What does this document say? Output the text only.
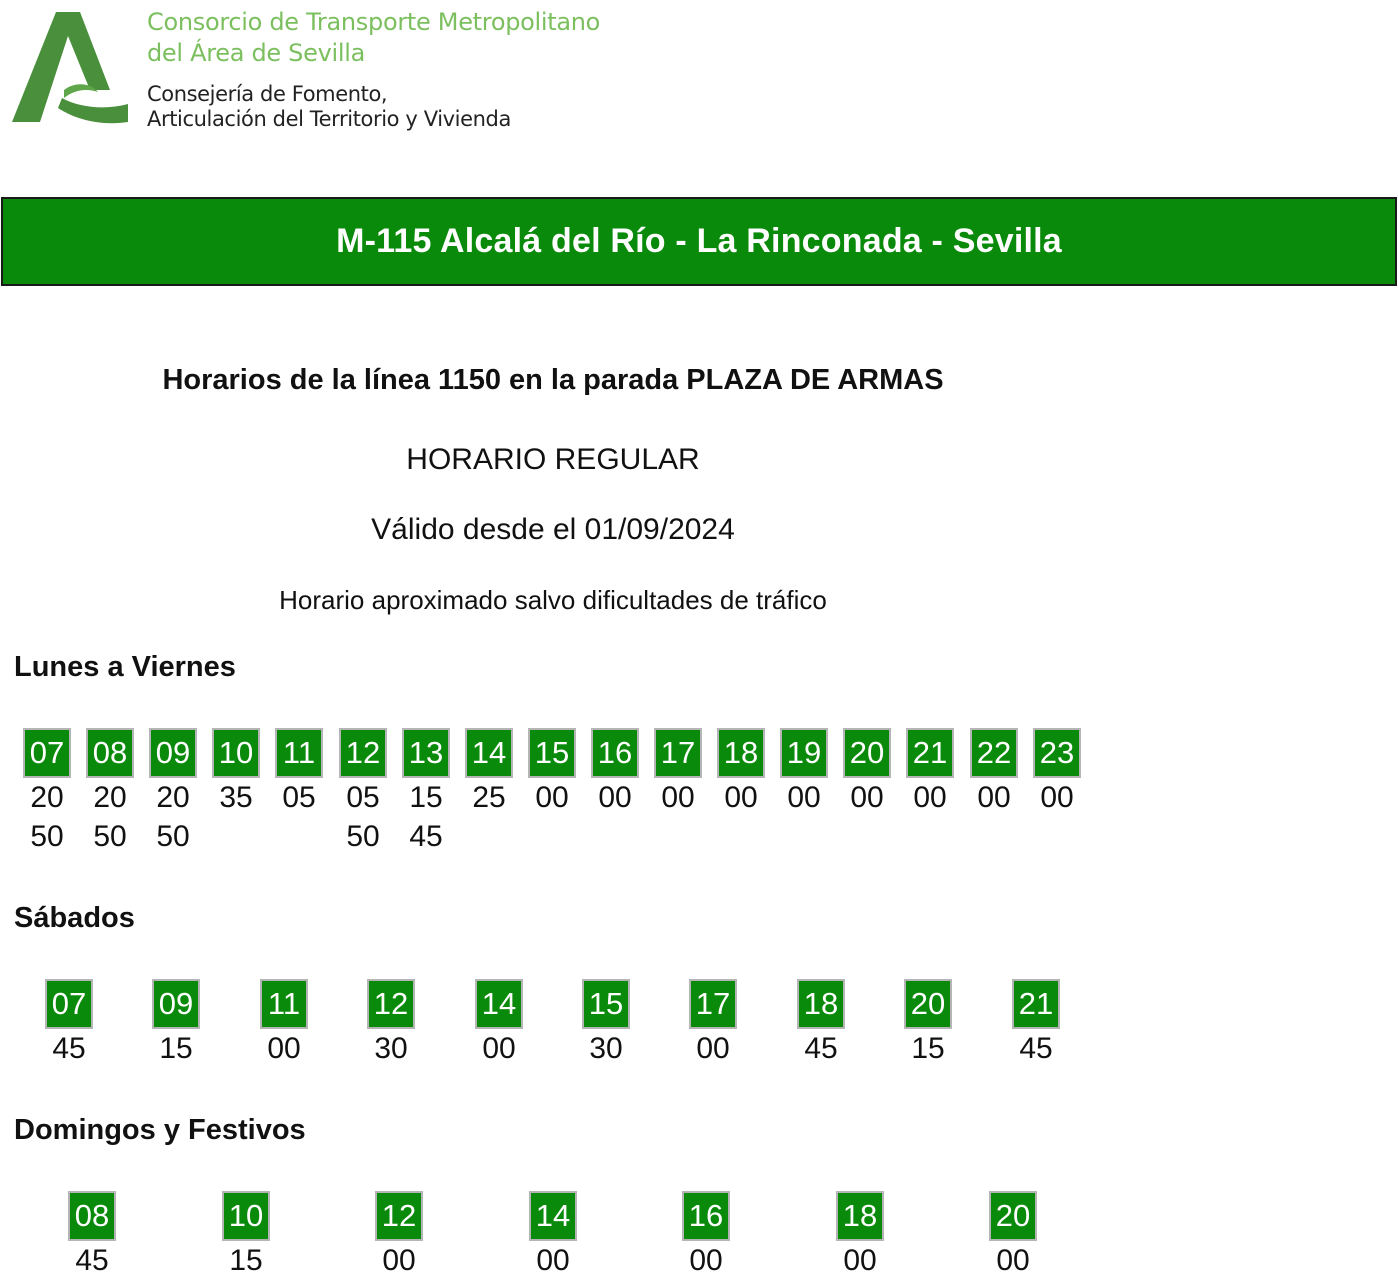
Consorcio de Transporte Metropolitano
del Área de Sevilla
Consejería de Fomento,
Articulación del Territorio y Vivienda
M-115 Alcalá del Río - La Rinconada - Sevilla
Horarios de la línea 1150 en la parada PLAZA DE ARMAS
HORARIO REGULAR
Válido desde el 01/09/2024
Horario aproximado salvo dificultades de tráfico
Lunes a Viernes
Sábados
Domingos y Festivos
07
20
50
08
20
50
09
20
50
10
35
11
05
12
05
50
13
15
45
14
25
15
00
16
00
17
00
18
00
19
00
20
00
21
00
22
00
23
00
07
45
09
15
11
00
12
30
14
00
15
30
17
00
18
45
20
15
21
45
08
45
10
15
12
00
14
00
16
00
18
00
20
00
